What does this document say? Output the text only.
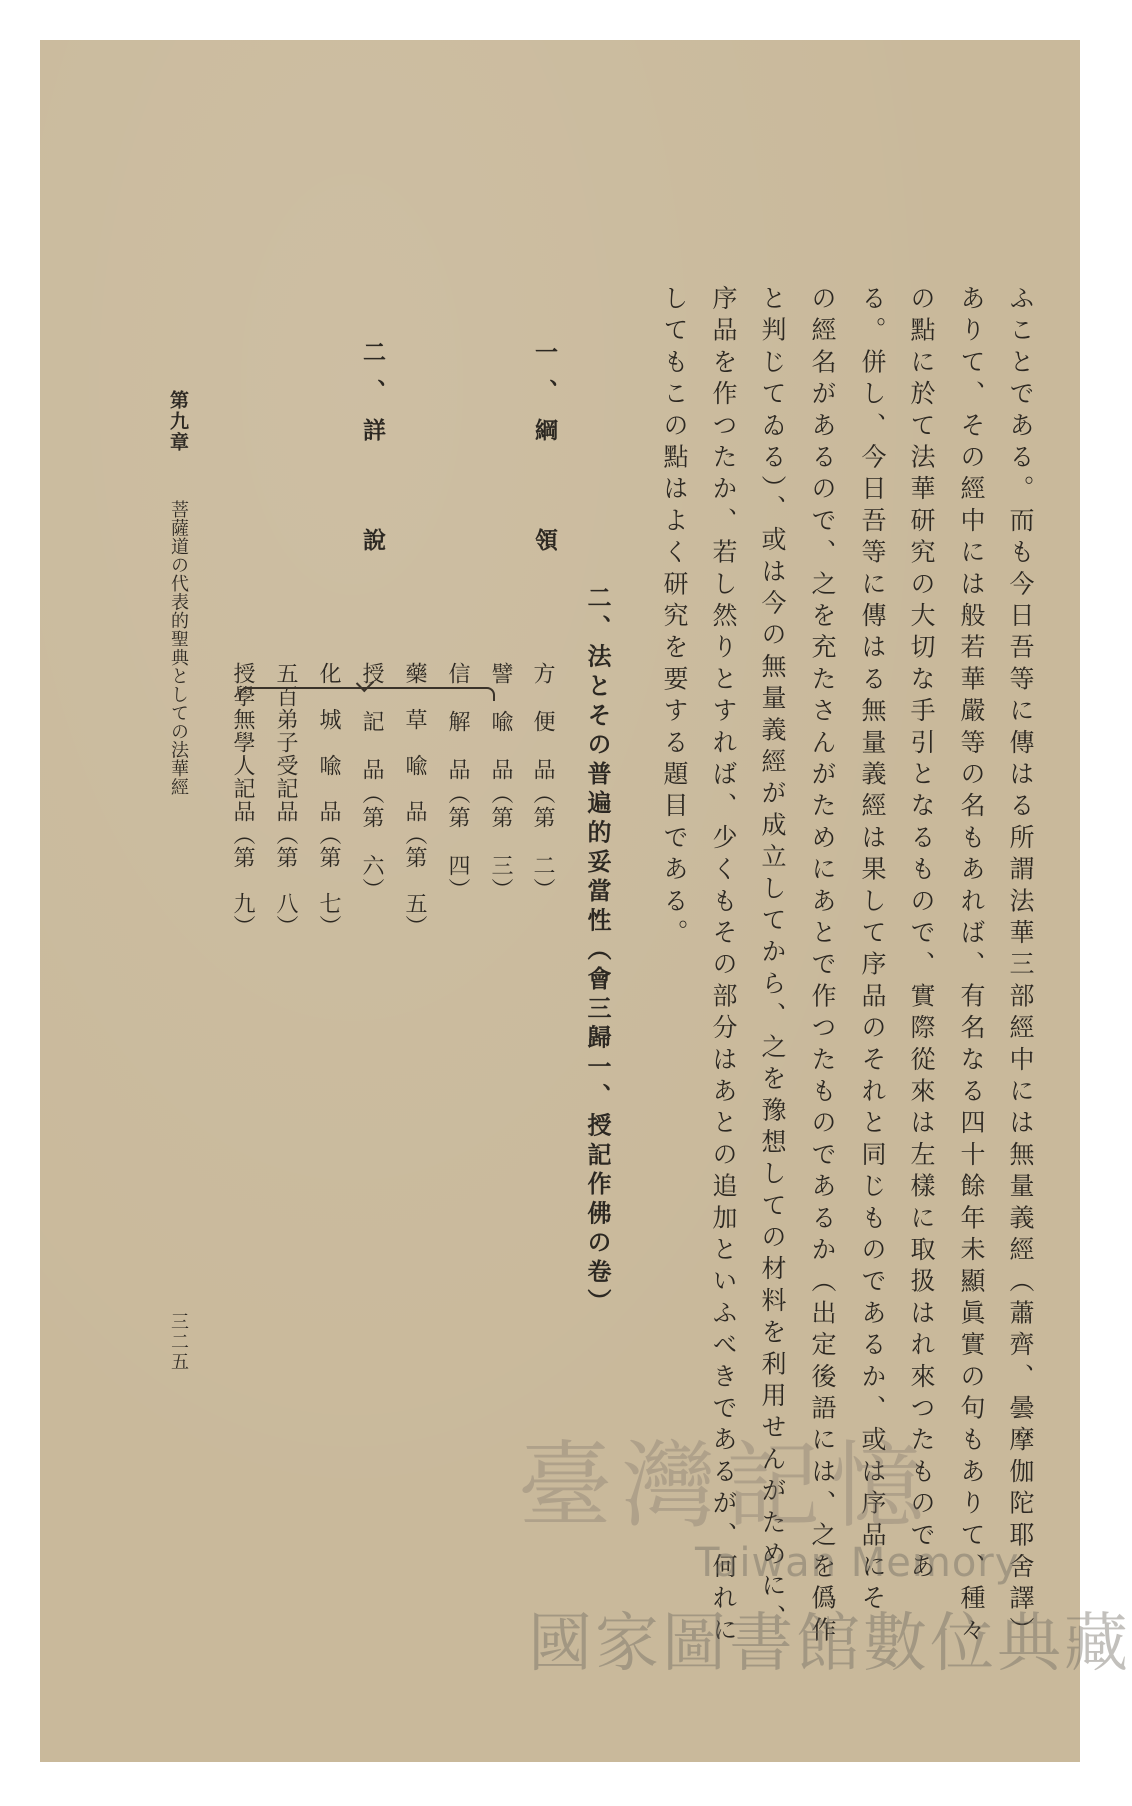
ふことである。而も今日吾等に傳はる所謂法華三部經中には無量義經（蕭齊、曇摩伽陀耶舍譯）
ありて、その經中には般若華嚴等の名もあれば、有名なる四十餘年未顯眞實の句もありて、種々
の點に於て法華研究の大切な手引となるもので、實際從來は左樣に取扱はれ來つたものであ
る。併し、今日吾等に傳はる無量義經は果して序品のそれと同じものであるか、或は序品にそ
の經名があるので、之を充たさんがためにあとで作つたものであるか（出定後語には、之を僞作
と判じてゐる）、或は今の無量義經が成立してから、之を豫想しての材料を利用せんがために、
序品を作つたか、若し然りとすれば、少くもその部分はあとの追加といふべきであるが、何れに
してもこの點はよく研究を要する題目である。
二、法とその普遍的妥當性（會三歸一、授記作佛の卷）
一、綱
領
方　便　品（第　二）
譬　喩　品（第　三）
信　解　品（第　四）
藥　草　喩　品（第　五）
授　記　品（第　六）
化　城　喩　品（第　七）
五百弟子受記品（第　八）
授學無學人記品（第　九）
二、詳
說
第九章
菩薩道の代表的聖典としての法華經
三二五
臺灣記憶
Taiwan Memory
國家圖書館數位典藏
